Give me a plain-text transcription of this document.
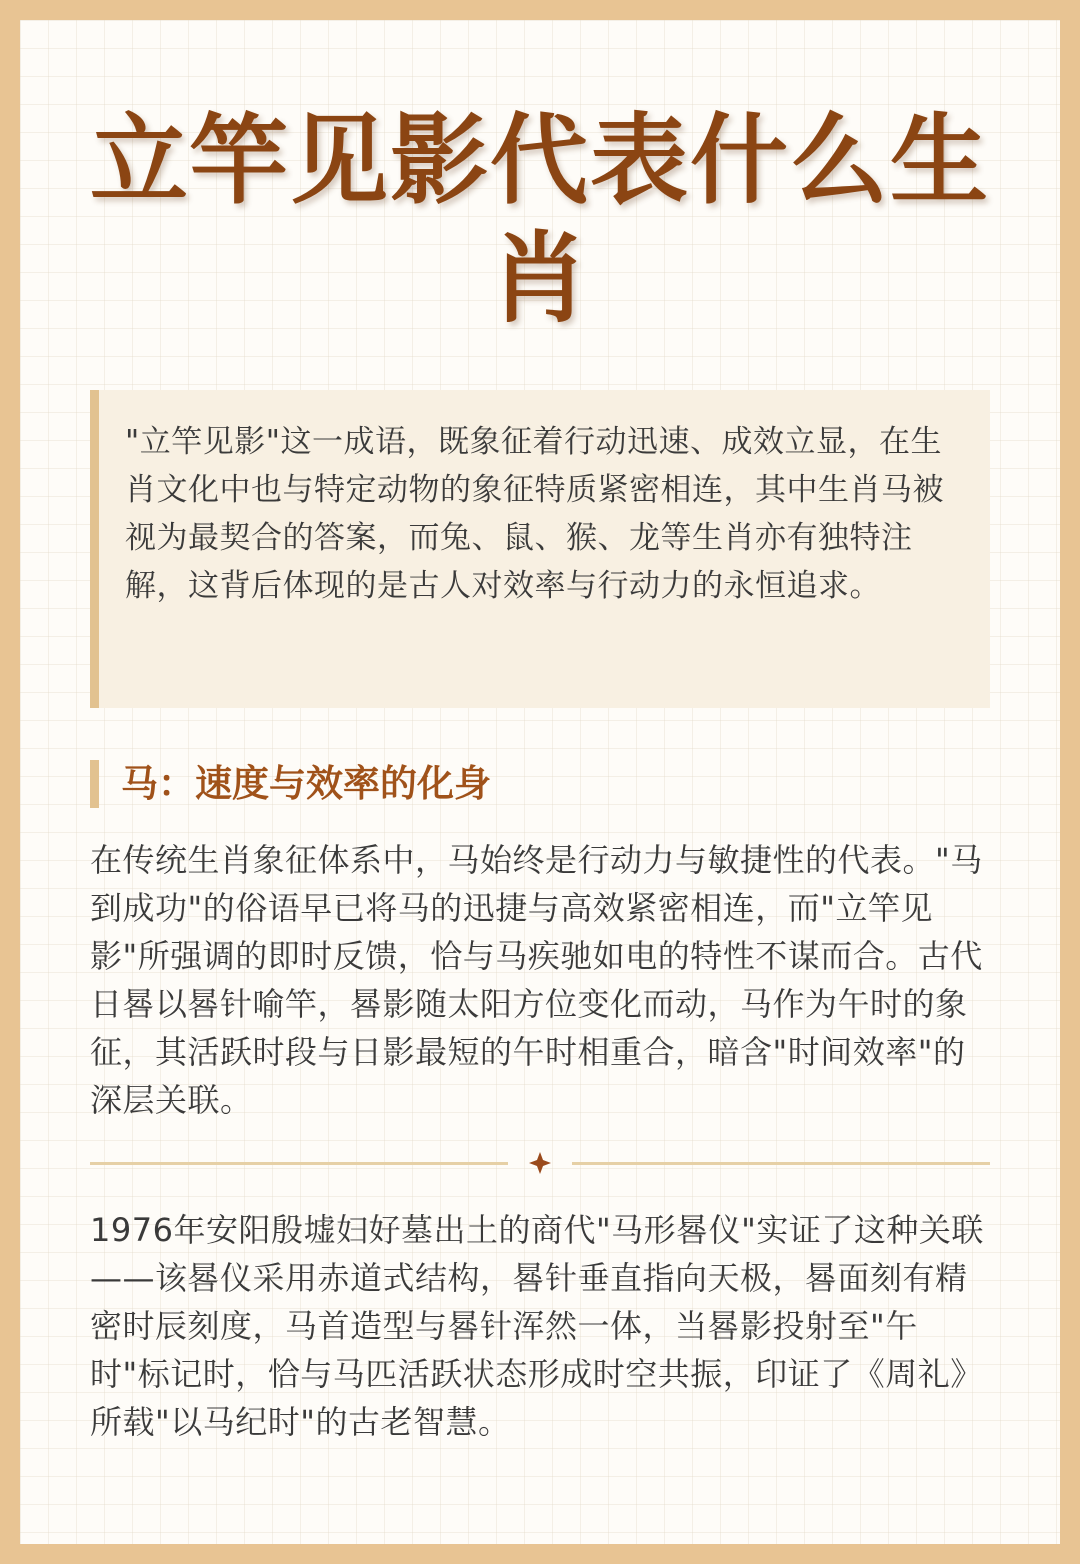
立竿见影代表什么生肖

"立竿见影"这一成语，既象征着行动迅速、成效立显，在生肖文化中也与特定动物的象征特质紧密相连，其中生肖马被视为最契合的答案，而兔、鼠、猴、龙等生肖亦有独特注解，这背后体现的是古人对效率与行动力的永恒追求。

马：速度与效率的化身

在传统生肖象征体系中，马始终是行动力与敏捷性的代表。"马到成功"的俗语早已将马的迅捷与高效紧密相连，而"立竿见影"所强调的即时反馈，恰与马疾驰如电的特性不谋而合。古代日晷以晷针喻竿，晷影随太阳方位变化而动，马作为午时的象征，其活跃时段与日影最短的午时相重合，暗含"时间效率"的深层关联。

1976年安阳殷墟妇好墓出土的商代"马形晷仪"实证了这种关联——该晷仪采用赤道式结构，晷针垂直指向天极，晷面刻有精密时辰刻度，马首造型与晷针浑然一体，当晷影投射至"午时"标记时，恰与马匹活跃状态形成时空共振，印证了《周礼》所载"以马纪时"的古老智慧。
